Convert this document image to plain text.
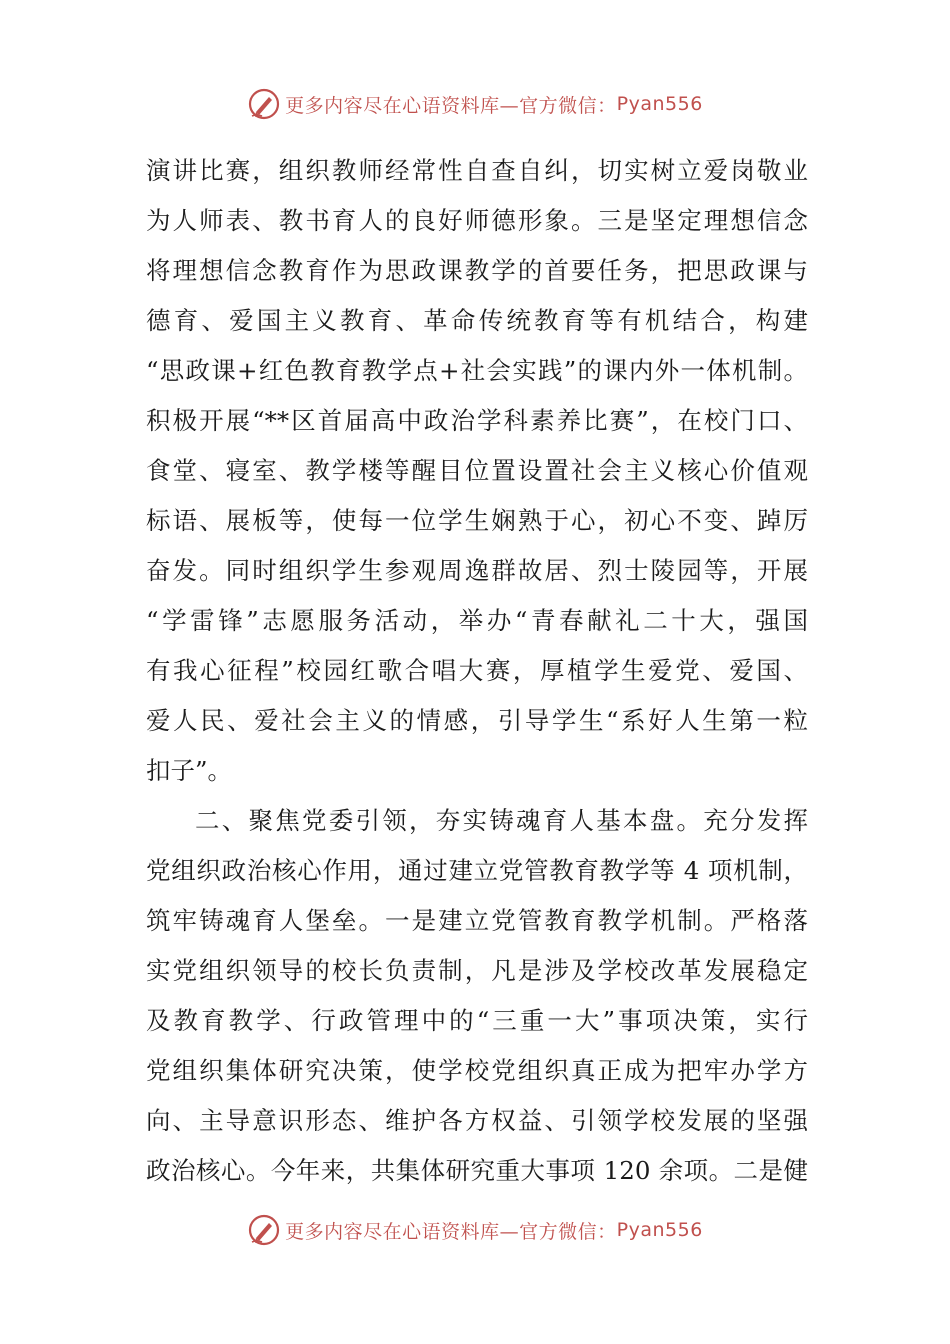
更多内容尽在心语资料库—官方微信： Pyan556
演讲比赛，组织教师经常性自查自纠，切实树立爱岗敬业
为人师表、教书育人的良好师德形象。三是坚定理想信念
将理想信念教育作为思政课教学的首要任务，把思政课与
德育、爱国主义教育、革命传统教育等有机结合，构建
“思政课+红色教育教学点+社会实践”的课内外一体机制。
积极开展“**区首届高中政治学科素养比赛”，在校门口、
食堂、寝室、教学楼等醒目位置设置社会主义核心价值观
标语、展板等，使每一位学生娴熟于心，初心不变、踔厉
奋发。同时组织学生参观周逸群故居、烈士陵园等，开展
“学雷锋”志愿服务活动，举办“青春献礼二十大，强国
有我心征程”校园红歌合唱大赛，厚植学生爱党、爱国、
爱人民、爱社会主义的情感，引导学生“系好人生第一粒
扣子”。
二、聚焦党委引领，夯实铸魂育人基本盘。充分发挥
党组织政治核心作用，通过建立党管教育教学等 4 项机制，
筑牢铸魂育人堡垒。一是建立党管教育教学机制。严格落
实党组织领导的校长负责制，凡是涉及学校改革发展稳定
及教育教学、行政管理中的“三重一大”事项决策，实行
党组织集体研究决策，使学校党组织真正成为把牢办学方
向、主导意识形态、维护各方权益、引领学校发展的坚强
政治核心。今年来，共集体研究重大事项 120 余项。二是健
更多内容尽在心语资料库—官方微信： Pyan556
